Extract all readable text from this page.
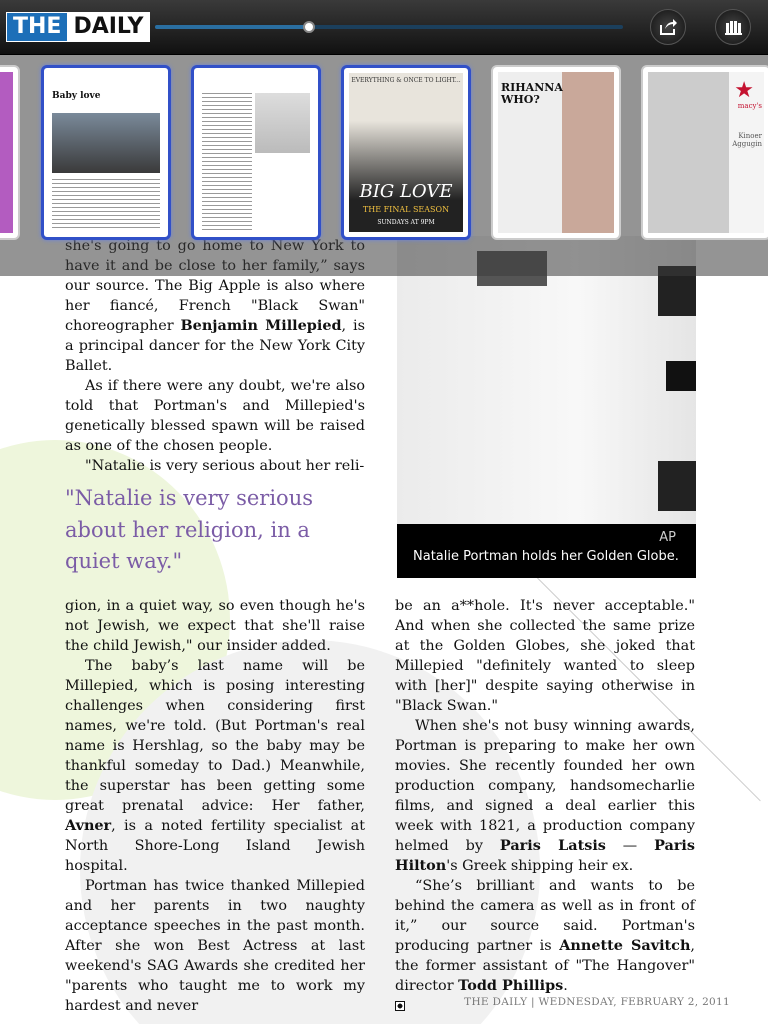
our source. The Big Apple is also where her fiancé, French "Black Swan" choreographer Benjamin Millepied, is a principal dancer for the New York City Ballet.

As if there were any doubt, we're also told that Portman's and Millepied's genetically blessed spawn will be raised as one of the chosen people.

"Natalie is very serious about her reli-

"Natalie is very serious about her religion, in a quiet way."

gion, in a quiet way, so even though he's not Jewish, we expect that she'll raise the child Jewish," our insider added.

The baby’s last name will be Millepied, which is posing interesting challenges when considering first names, we're told. (But Portman's real name is Hershlag, so the baby may be thankful someday to Dad.) Meanwhile, the superstar has been getting some great prenatal advice: Her father, Avner, is a noted fertility specialist at North Shore-Long Island Jewish hospital.

Portman has twice thanked Millepied and her parents in two naughty acceptance speeches in the past month. After she won Best Actress at last weekend's SAG Awards she credited her "parents who taught me to work my hardest and never

AP
Natalie Portman holds her Golden Globe.

be an a**hole. It's never acceptable." And when she collected the same prize at the Golden Globes, she joked that Millepied "definitely wanted to sleep with [her]" despite saying otherwise in "Black Swan."

When she's not busy winning awards, Portman is preparing to make her own movies. She recently founded her own production company, handsomecharlie films, and signed a deal earlier this week with 1821, a production company helmed by Paris Latsis — Paris Hilton's Greek shipping heir ex.

“She’s brilliant and wants to be behind the camera as well as in front of it,” our source said. Portman's producing partner is Annette Savitch, the former assistant of "The Hangover" director Todd Phillips.

THE DAILY | WEDNESDAY, FEBRUARY 2, 2011
Baby love
EVERYTHING & ONCE TO LIGHT...
BIG LOVE
THE FINAL SEASON
SUNDAYS AT 9PM
RIHANNA WHO?	★
macy's
Kinoer Aggugin
THE DAILY
